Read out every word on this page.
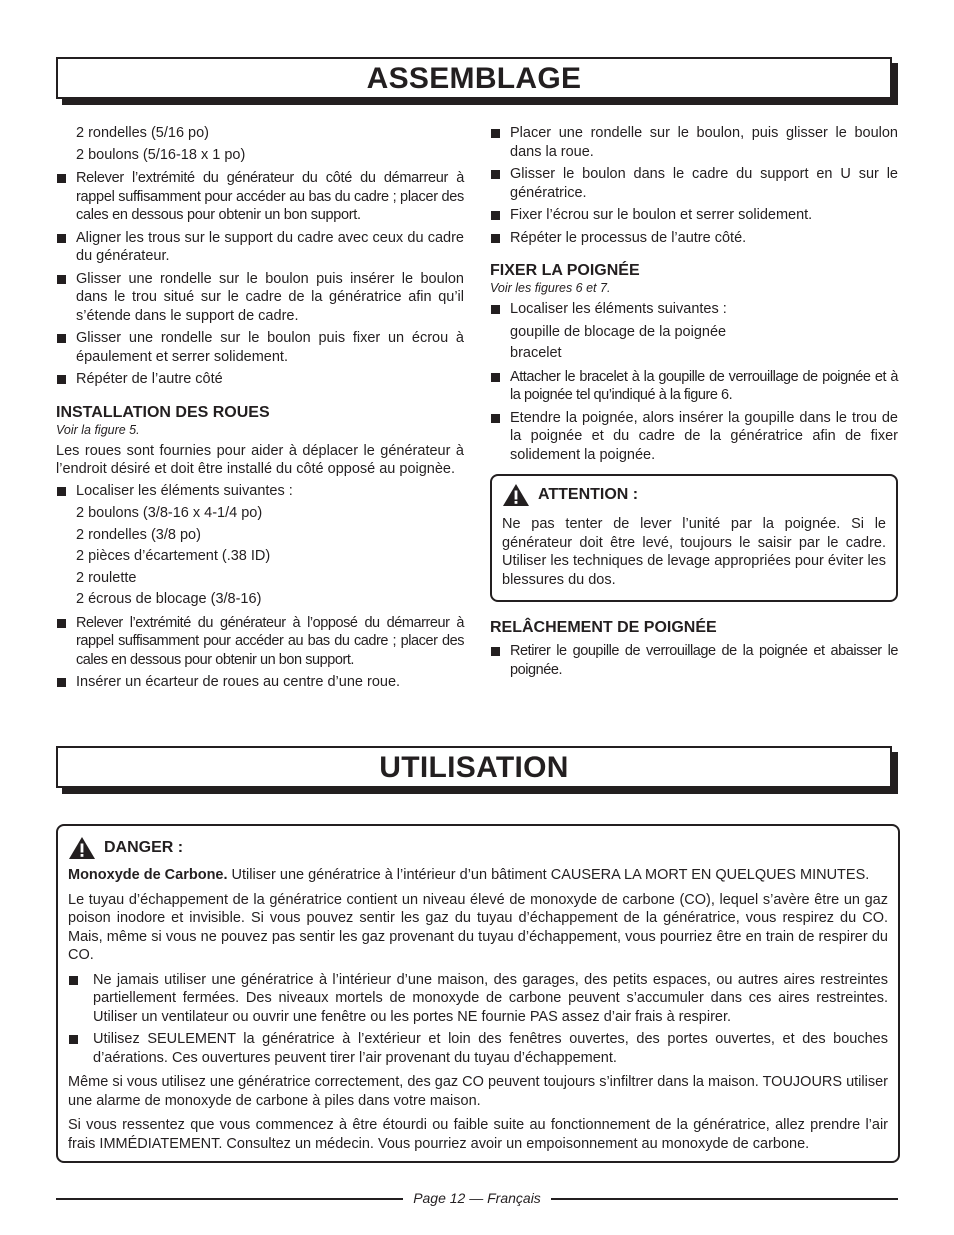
ASSEMBLAGE
2 rondelles (5/16 po)
2 boulons (5/16-18 x 1 po)
Relever l’extrémité du générateur du côté du démarreur à rappel suffisamment pour accéder au bas du cadre ; placer des cales en dessous pour obtenir un bon support.
Aligner les trous sur le support du cadre avec ceux du cadre du générateur.
Glisser une rondelle sur le boulon puis insérer le boulon dans le trou situé sur le cadre de la génératrice afin qu’il s’étende dans le support de cadre.
Glisser une rondelle sur le boulon puis fixer un écrou à épaulement et serrer solidement.
Répéter de l’autre côté
INSTALLATION DES ROUES
Voir la figure 5.

Les roues sont fournies pour aider à déplacer le générateur à l’endroit désiré et doit être installé du côté opposé au poignèe.

Localiser les éléments suivantes :
2 boulons (3/8-16 x 4-1/4 po)
2 rondelles (3/8 po)
2 pièces d’écartement (.38 ID)
2 roulette
2 écrous de blocage (3/8-16)
Relever l’extrémité du générateur à l’opposé du démarreur à rappel suffisamment pour accéder au bas du cadre ; placer des cales en dessous pour obtenir un bon support.
Insérer un écarteur de roues au centre d’une roue.
Placer une rondelle sur le boulon, puis glisser le boulon dans la roue.
Glisser le boulon dans le cadre du support en U sur le génératrice.
Fixer l’écrou sur le boulon et serrer solidement.
Répéter le processus de l’autre côté.
FIXER LA POIGNÉE
Voir les figures 6 et 7.
Localiser les éléments suivantes :
goupille de blocage de la poignée
bracelet
Attacher le bracelet à la goupille de verrouillage de poignée et à la poignée tel qu’indiqué à la figure 6.
Etendre la poignée, alors insérer la goupille dans le trou de la poignée et du cadre de la génératrice afin de fixer solidement la poignée.
ATTENTION :

Ne pas tenter de lever l’unité par la poignée. Si le générateur doit être levé, toujours le saisir par le cadre. Utiliser les techniques de levage appropriées pour éviter les blessures du dos.

RELÂCHEMENT DE POIGNÉE
Retirer le goupille de verrouillage de la poignée et abaisser le poignée.
UTILISATION
DANGER :

Monoxyde de Carbone. Utiliser une génératrice à l’intérieur d’un bâtiment CAUSERA LA MORT EN QUELQUES MINUTES.

Le tuyau d’échappement de la génératrice contient un niveau élevé de monoxyde de carbone (CO), lequel s’avère être un gaz poison inodore et invisible. Si vous pouvez sentir les gaz du tuyau d’échappement de la génératrice, vous respirez du CO. Mais, même si vous ne pouvez pas sentir les gaz provenant du tuyau d’échappement, vous pourriez être en train de respirer du CO.

Ne jamais utiliser une génératrice à l’intérieur d’une maison, des garages, des petits espaces, ou autres aires restreintes partiellement fermées. Des niveaux mortels de monoxyde de carbone peuvent s’accumuler dans ces aires restreintes. Utiliser un ventilateur ou ouvrir une fenêtre ou les portes NE fournie PAS assez d’air frais à respirer.
Utilisez SEULEMENT la génératrice à l’extérieur et loin des fenêtres ouvertes, des portes ouvertes, et des bouches d’aérations. Ces ouvertures peuvent tirer l’air provenant du tuyau d’échappement.

Même si vous utilisez une génératrice correctement, des gaz CO peuvent toujours s’infiltrer dans la maison. TOUJOURS utiliser une alarme de monoxyde de carbone à piles dans votre maison.

Si vous ressentez que vous commencez à être étourdi ou faible suite au fonctionnement de la génératrice, allez prendre l’air frais IMMÉDIATEMENT. Consultez un médecin. Vous pourriez avoir un empoisonnement au monoxyde de carbone.

Page 12 — Français
